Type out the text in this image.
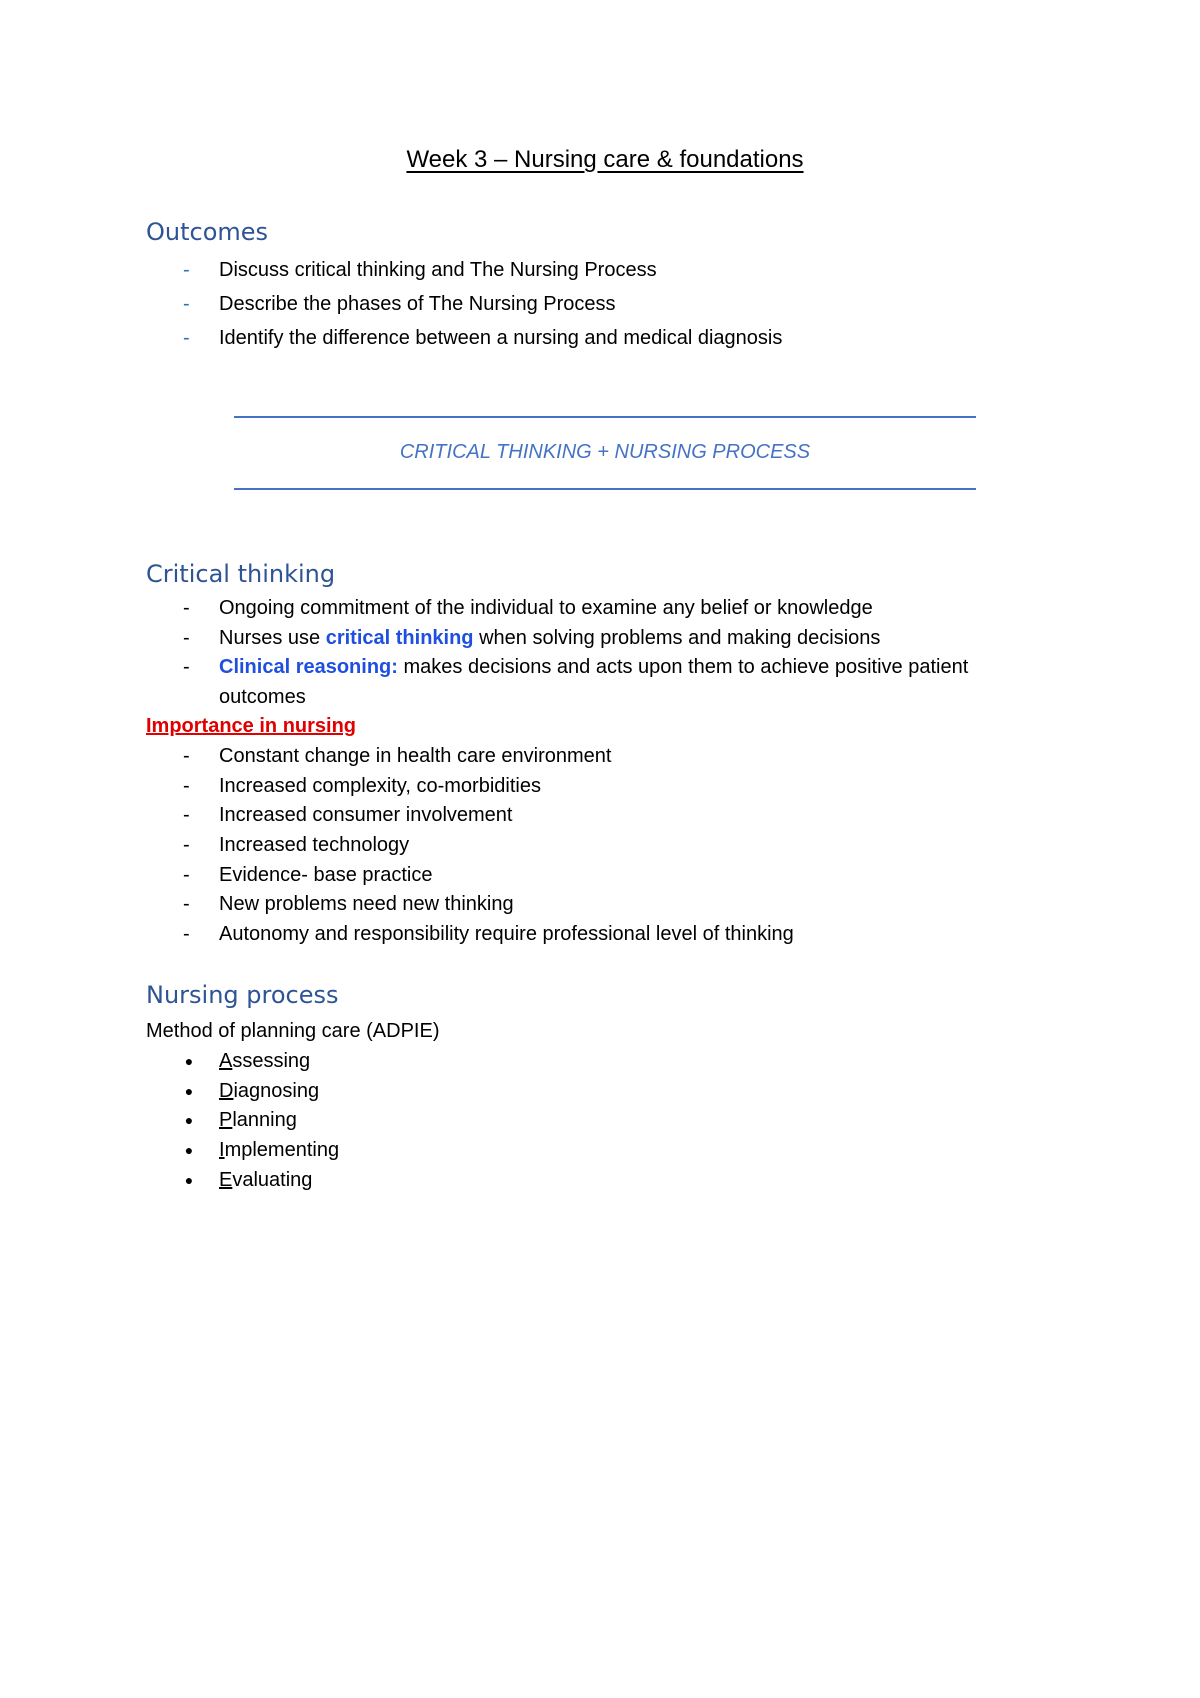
Week 3 – Nursing care & foundations
Outcomes
- Discuss critical thinking and The Nursing Process
- Describe the phases of The Nursing Process
- Identify the difference between a nursing and medical diagnosis
CRITICAL THINKING + NURSING PROCESS
Critical thinking
- Ongoing commitment of the individual to examine any belief or knowledge
- Nurses use critical thinking when solving problems and making decisions
- Clinical reasoning: makes decisions and acts upon them to achieve positive patient
outcomes
Importance in nursing
- Constant change in health care environment
- Increased complexity, co-morbidities
- Increased consumer involvement
- Increased technology
- Evidence- base practice
- New problems need new thinking
- Autonomy and responsibility require professional level of thinking
Nursing process
Method of planning care (ADPIE)
● Assessing
● Diagnosing
● Planning
● Implementing
● Evaluating
